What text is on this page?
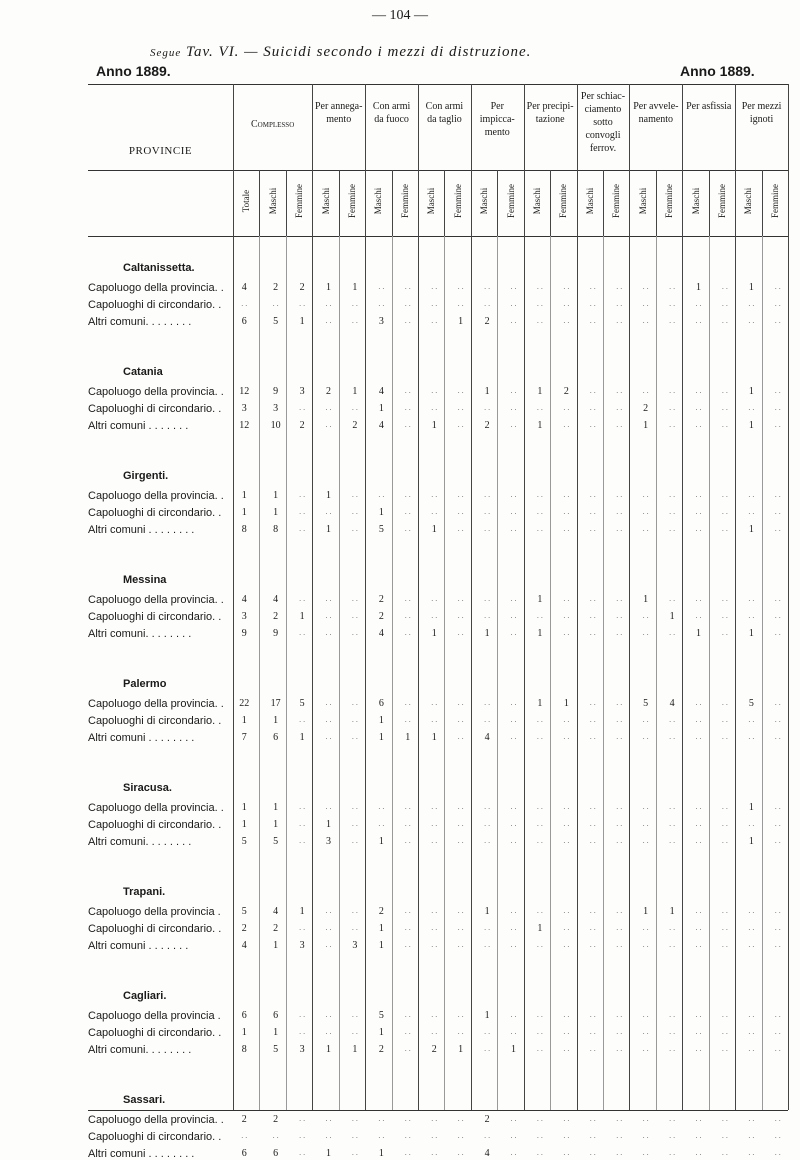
— 104 —
Segue Tav. VI. — Suicidi secondo i mezzi di distruzione.
Anno 1889.	Anno 1889.
PROVINCIE
Complesso
Per annega- mento
Con armi da fuoco
Con armi da taglio
Per impicca- mento
Per precipi- tazione
Per schiac- ciamento sotto convogli ferrov.
Per avvele- namento
Per asfissia	Per mezzi ignoti
Totale Maschi Femmine Maschi Femmine Maschi Femmine Maschi Femmine Maschi Femmine Maschi Femmine Maschi Femmine Maschi Femmine Maschi Femmine Maschi Femmine
Caltanissetta.
Capoluogo della provincia. .	4	2	2	1	1	. .	. .	. .	. .	. .	. .	. .	. .	. .	. .	. .	. .	1	. .	1	. .
Capoluoghi di circondario. .	. .	. .	. .	. .	. .	. .	. .	. .	. .	. .	. .	. .	. .	. .	. .	. .	. .	. .	. .	. .	. .
Altri comuni. . . . . . . .	6	5	1	. .	. .	3	. .	. .	1	2	. .	. .	. .	. .	. .	. .	. .	. .	. .	. .	. .
Catania
Capoluogo della provincia. .	12	9	3	2	1	4	. .	. .	. .	1	. .	1	2	. .	. .	. .	. .	. .	. .	1	. .
Capoluoghi di circondario. .	3	3	. .	. .	. .	1	. .	. .	. .	. .	. .	. .	. .	. .	. .	2	. .	. .	. .	. .	. .
Altri comuni . . . . . . .	12	10	2	. .	2	4	. .	1	. .	2	. .	1	. .	. .	. .	1	. .	. .	. .	1	. .
Girgenti.
Capoluogo della provincia. .	1	1	. .	1	. .	. .	. .	. .	. .	. .	. .	. .	. .	. .	. .	. .	. .	. .	. .	. .	. .
Capoluoghi di circondario. .	1	1	. .	. .	. .	1	. .	. .	. .	. .	. .	. .	. .	. .	. .	. .	. .	. .	. .	. .	. .
Altri comuni . . . . . . . .	8	8	. .	1	. .	5	. .	1	. .	. .	. .	. .	. .	. .	. .	. .	. .	. .	. .	1	. .
Messina
Capoluogo della provincia. .	4	4	. .	. .	. .	2	. .	. .	. .	. .	. .	1	. .	. .	. .	1	. .	. .	. .	. .	. .
Capoluoghi di circondario. .	3	2	1	. .	. .	2	. .	. .	. .	. .	. .	. .	. .	. .	. .	. .	1	. .	. .	. .	. .
Altri comuni. . . . . . . .	9	9	. .	. .	. .	4	. .	1	. .	1	. .	1	. .	. .	. .	. .	. .	1	. .	1	. .
Palermo
Capoluogo della provincia. .	22	17	5	. .	. .	6	. .	. .	. .	. .	. .	1	1	. .	. .	5	4	. .	. .	5	. .
Capoluoghi di circondario. .	1	1	. .	. .	. .	1	. .	. .	. .	. .	. .	. .	. .	. .	. .	. .	. .	. .	. .	. .	. .
Altri comuni . . . . . . . .	7	6	1	. .	. .	1	1	1	. .	4	. .	. .	. .	. .	. .	. .	. .	. .	. .	. .	. .
Siracusa.
Capoluogo della provincia. .	1	1	. .	. .	. .	. .	. .	. .	. .	. .	. .	. .	. .	. .	. .	. .	. .	. .	. .	1	. .
Capoluoghi di circondario. .	1	1	. .	1	. .	. .	. .	. .	. .	. .	. .	. .	. .	. .	. .	. .	. .	. .	. .	. .	. .
Altri comuni. . . . . . . .	5	5	. .	3	. .	1	. .	. .	. .	. .	. .	. .	. .	. .	. .	. .	. .	. .	. .	1	. .
Trapani.
Capoluogo della provincia .	5	4	1	. .	. .	2	. .	. .	. .	1	. .	. .	. .	. .	. .	1	1	. .	. .	. .	. .
Capoluoghi di circondario. .	2	2	. .	. .	. .	1	. .	. .	. .	. .	. .	1	. .	. .	. .	. .	. .	. .	. .	. .	. .
Altri comuni . . . . . . .	4	1	3	. .	3	1	. .	. .	. .	. .	. .	. .	. .	. .	. .	. .	. .	. .	. .	. .	. .
Cagliari.
Capoluogo della provincia .	6	6	. .	. .	. .	5	. .	. .	. .	1	. .	. .	. .	. .	. .	. .	. .	. .	. .	. .	. .
Capoluoghi di circondario. .	1	1	. .	. .	. .	1	. .	. .	. .	. .	. .	. .	. .	. .	. .	. .	. .	. .	. .	. .	. .
Altri comuni. . . . . . . .	8	5	3	1	1	2	. .	2	1	. .	1	. .	. .	. .	. .	. .	. .	. .	. .	. .	. .
Sassari.
Capoluogo della provincia. .	2	2	. .	. .	. .	. .	. .	. .	. .	2	. .	. .	. .	. .	. .	. .	. .	. .	. .	. .	. .
Capoluoghi di circondario. .	. .	. .	. .	. .	. .	. .	. .	. .	. .	. .	. .	. .	. .	. .	. .	. .	. .	. .	. .	. .	. .
Altri comuni . . . . . . . .	6	6	. .	1	. .	1	. .	. .	. .	4	. .	. .	. .	. .	. .	. .	. .	. .	. .	. .	. .
